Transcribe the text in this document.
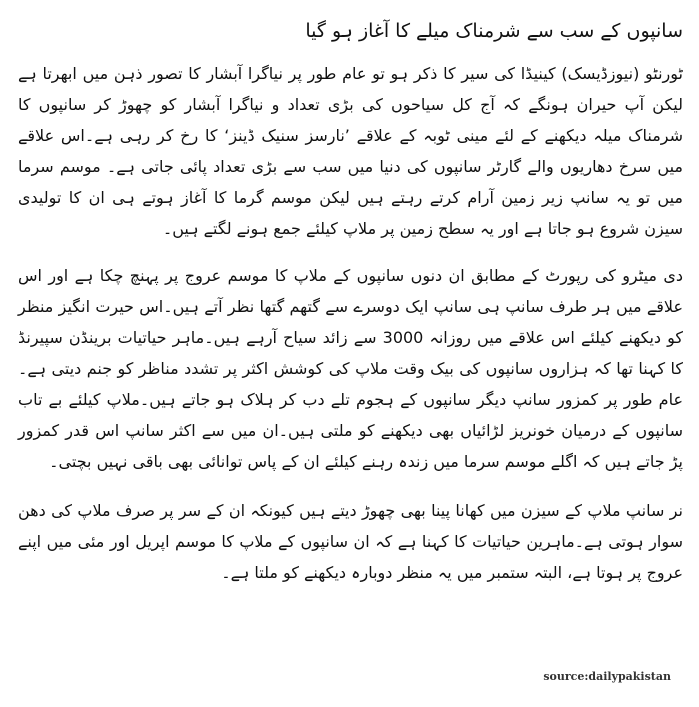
سانپوں کے سب سے شرمناک میلے کا آغاز ہو گیا

ٹورنٹو (نیوزڈیسک) کینیڈا کی سیر کا ذکر ہو تو عام طور پر نیاگرا آبشار کا تصور ذہن میں ابھرتا ہے لیکن آپ حیران ہونگے کہ آج کل سیاحوں کی بڑی تعداد و نیاگرا آبشار کو چھوڑ کر سانپوں کا شرمناک میلہ دیکھنے کے لئے مینی ٹوبہ کے علاقے ’نارسز سنیک ڈینز‘ کا رخ کر رہی ہے۔اس علاقے میں سرخ دھاریوں والے گارٹر سانپوں کی دنیا میں سب سے بڑی تعداد پائی جاتی ہے۔ موسم سرما میں تو یہ سانپ زیر زمین آرام کرتے رہتے ہیں لیکن موسم گرما کا آغاز ہوتے ہی ان کا تولیدی سیزن شروع ہو جاتا ہے اور یہ سطح زمین پر ملاپ کیلئے جمع ہونے لگتے ہیں۔

دی میٹرو کی رپورٹ کے مطابق ان دنوں سانپوں کے ملاپ کا موسم عروج پر پہنچ چکا ہے اور اس علاقے میں ہر طرف سانپ ہی سانپ ایک دوسرے سے گتھم گتھا نظر آتے ہیں۔اس حیرت انگیز منظر کو دیکھنے کیلئے اس علاقے میں روزانہ 3000 سے زائد سیاح آرہے ہیں۔ماہر حیاتیات برینڈن سپیرنڈ کا کہنا تھا کہ ہزاروں سانپوں کی بیک وقت ملاپ کی کوشش اکثر پر تشدد مناظر کو جنم دیتی ہے۔عام طور پر کمزور سانپ دیگر سانپوں کے ہجوم تلے دب کر ہلاک ہو جاتے ہیں۔ملاپ کیلئے بے تاب سانپوں کے درمیان خونریز لڑائیاں بھی دیکھنے کو ملتی ہیں۔ان میں سے اکثر سانپ اس قدر کمزور پڑ جاتے ہیں کہ اگلے موسم سرما میں زندہ رہنے کیلئے ان کے پاس توانائی بھی باقی نہیں بچتی۔

نر سانپ ملاپ کے سیزن میں کھانا پینا بھی چھوڑ دیتے ہیں کیونکہ ان کے سر پر صرف ملاپ کی دھن سوار ہوتی ہے۔ماہرین حیاتیات کا کہنا ہے کہ ان سانپوں کے ملاپ کا موسم اپریل اور مئی میں اپنے عروج پر ہوتا ہے، البتہ ستمبر میں یہ منظر دوبارہ دیکھنے کو ملتا ہے۔

source:dailypakistan
